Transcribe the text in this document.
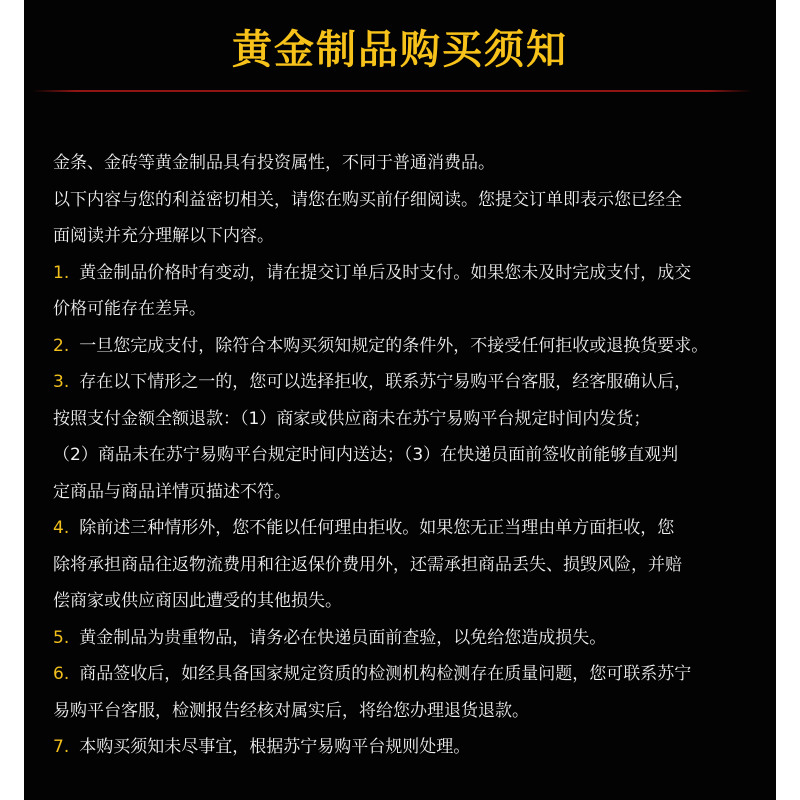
黄金制品购买须知

金条、金砖等黄金制品具有投资属性，不同于普通消费品。

以下内容与您的利益密切相关，请您在购买前仔细阅读。您提交订单即表示您已经全

面阅读并充分理解以下内容。

1. 黄金制品价格时有变动，请在提交订单后及时支付。如果您未及时完成支付，成交

价格可能存在差异。

2. 一旦您完成支付，除符合本购买须知规定的条件外，不接受任何拒收或退换货要求。

3. 存在以下情形之一的，您可以选择拒收，联系苏宁易购平台客服，经客服确认后，

按照支付金额全额退款：（1）商家或供应商未在苏宁易购平台规定时间内发货；

（2）商品未在苏宁易购平台规定时间内送达；（3）在快递员面前签收前能够直观判

定商品与商品详情页描述不符。

4. 除前述三种情形外，您不能以任何理由拒收。如果您无正当理由单方面拒收，您

除将承担商品往返物流费用和往返保价费用外，还需承担商品丢失、损毁风险，并赔

偿商家或供应商因此遭受的其他损失。

5. 黄金制品为贵重物品，请务必在快递员面前查验，以免给您造成损失。

6. 商品签收后，如经具备国家规定资质的检测机构检测存在质量问题，您可联系苏宁

易购平台客服，检测报告经核对属实后，将给您办理退货退款。

7. 本购买须知未尽事宜，根据苏宁易购平台规则处理。
